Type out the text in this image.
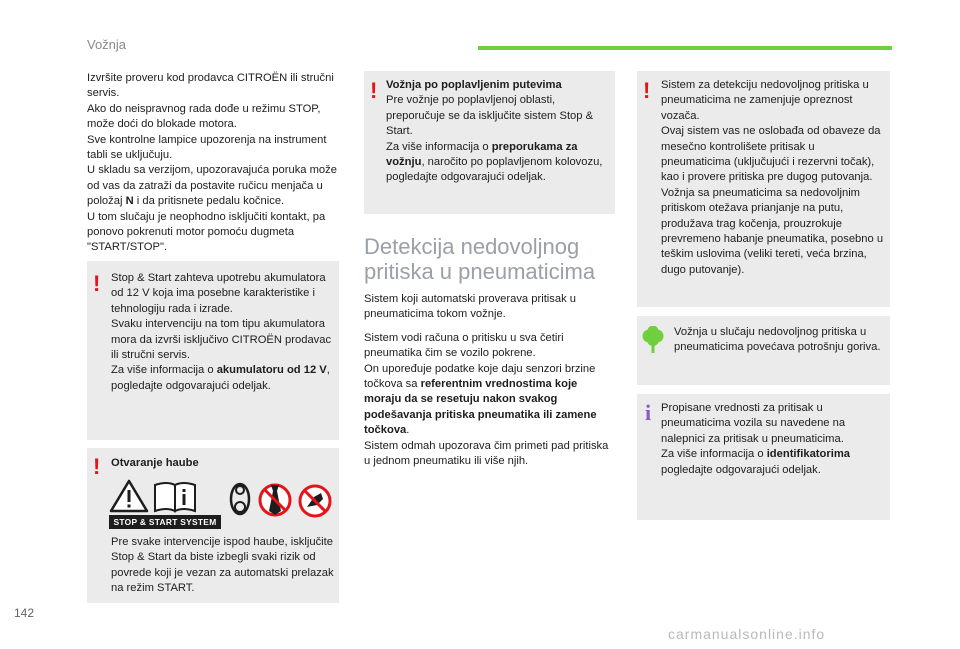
Vožnja

Izvršite proveru kod prodavca CITROËN ili stručni servis.

Ako do neispravnog rada dođe u režimu STOP, može doći do blokade motora.

Sve kontrolne lampice upozorenja na instrument tabli se uključuju.

U skladu sa verzijom, upozoravajuća poruka može od vas da zatraži da postavite ručicu menjača u položaj N i da pritisnete pedalu kočnice.

U tom slučaju je neophodno isključiti kontakt, pa ponovo pokrenuti motor pomoću dugmeta "START/STOP".

! Stop & Start zahteva upotrebu akumulatora od 12 V koja ima posebne karakteristike i tehnologiju rada i izrade.

Svaku intervenciju na tom tipu akumulatora mora da izvrši isključivo CITROËN prodavac ili stručni servis.

Za više informacija o akumulatoru od 12 V, pogledajte odgovarajući odeljak.

! Otvaranje haube
Pre svake intervencije ispod haube, isključite Stop & Start da biste izbegli svaki rizik od povrede koji je vezan za automatski prelazak na režim START.
STOP & START SYSTEM
! Vožnja po poplavljenim putevima

Pre vožnje po poplavljenoj oblasti, preporučuje se da isključite sistem Stop & Start.

Za više informacija o preporukama za vožnju, naročito po poplavljenom kolovozu, pogledajte odgovarajući odeljak.

Detekcija nedovoljnog pritiska u pneumaticima

Sistem koji automatski proverava pritisak u pneumaticima tokom vožnje.

Sistem vodi računa o pritisku u sva četiri pneumatika čim se vozilo pokrene.

On upoređuje podatke koje daju senzori brzine točkova sa referentnim vrednostima koje moraju da se resetuju nakon svakog podešavanja pritiska pneumatika ili zamene točkova.

Sistem odmah upozorava čim primeti pad pritiska u jednom pneumatiku ili više njih.

! Sistem za detekciju nedovoljnog pritiska u pneumaticima ne zamenjuje opreznost vozača.

Ovaj sistem vas ne oslobađa od obaveze da mesečno kontrolišete pritisak u pneumaticima (uključujući i rezervni točak), kao i provere pritiska pre dugog putovanja.

Vožnja sa pneumaticima sa nedovoljnim pritiskom otežava prianjanje na putu, produžava trag kočenja, prouzrokuje prevremeno habanje pneumatika, posebno u teškim uslovima (veliki tereti, veća brzina, dugo putovanje).

Vožnja u slučaju nedovoljnog pritiska u pneumaticima povećava potrošnju goriva.
i Propisane vrednosti za pritisak u pneumaticima vozila su navedene na nalepnici za pritisak u pneumaticima.

Za više informacija o identifikatorima pogledajte odgovarajući odeljak.

142
carmanualsonline.info
